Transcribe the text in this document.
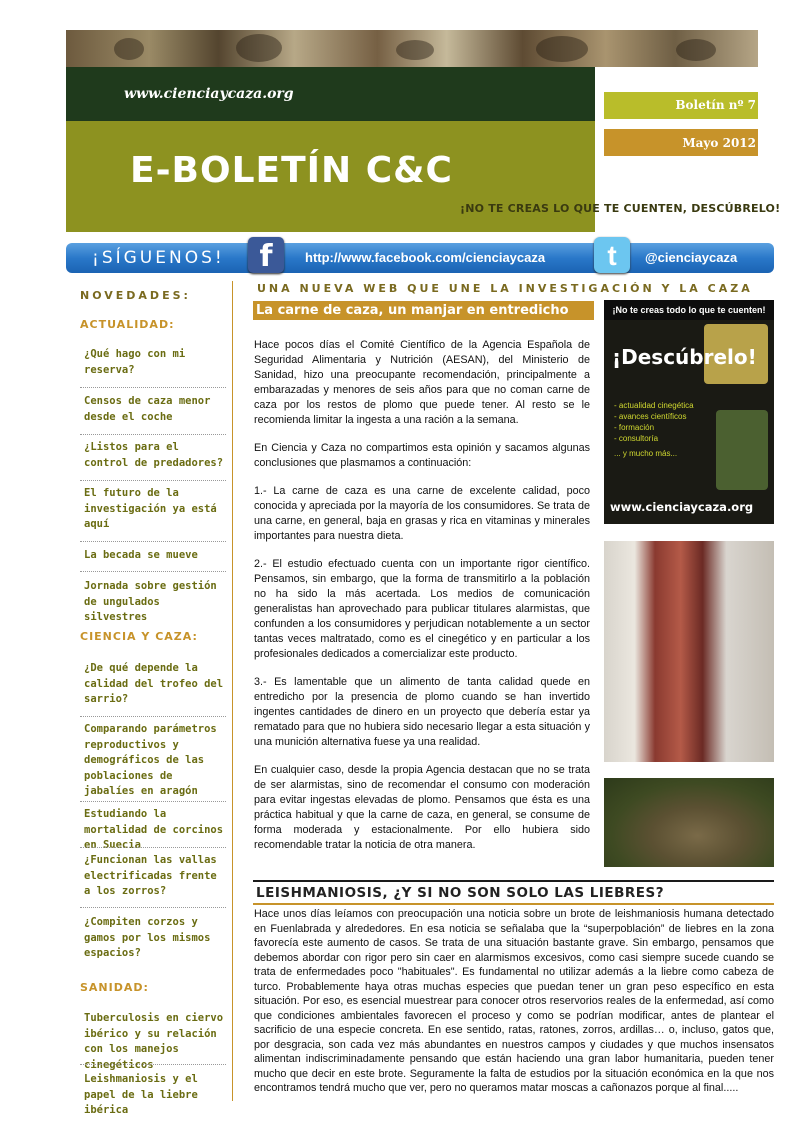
www.cienciaycaza.org
E-BOLETÍN C&C
Boletín nº 7
Mayo 2012
¡NO TE CREAS LO QUE TE CUENTEN, DESCÚBRELO!
¡SÍGUENOS!	f	http://www.facebook.com/cienciaycaza	t	@cienciaycaza
NOVEDADES:
ACTUALIDAD:
¿Qué hago con mi reserva?
Censos de caza menor desde el coche
¿Listos para el control de predadores?
El futuro de la investigación ya está aquí
La becada se mueve
Jornada sobre gestión de ungulados silvestres
CIENCIA Y CAZA:
¿De qué depende la calidad del trofeo del sarrio?
Comparando parámetros reproductivos y demográficos de las poblaciones de jabalíes en aragón
Estudiando la mortalidad de corcinos en Suecia
¿Funcionan las vallas electrificadas frente a los zorros?
¿Compiten corzos y gamos por los mismos espacios?
SANIDAD:
Tuberculosis en ciervo ibérico y su relación con los manejos cinegéticos
Leishmaniosis y el papel de la liebre ibérica
UNA NUEVA WEB QUE UNE LA INVESTIGACIÓN Y LA CAZA
La carne de caza, un manjar en entredicho

Hace pocos días el Comité Científico de la Agencia Española de Seguridad Alimentaria y Nutrición (AESAN), del Ministerio de Sanidad, hizo una preocupante recomendación, principalmente a embarazadas y menores de seis años para que no coman carne de caza por los restos de plomo que puede tener. Al resto se le recomienda limitar la ingesta a una ración a la semana.

En Ciencia y Caza no compartimos esta opinión y sacamos algunas conclusiones que plasmamos a continuación:

1.- La carne de caza es una carne de excelente calidad, poco conocida y apreciada por la mayoría de los consumidores. Se trata de una carne, en general, baja en grasas y rica en vitaminas y minerales importantes para nuestra dieta.

2.- El estudio efectuado cuenta con un importante rigor científico. Pensamos, sin embargo, que la forma de transmitirlo a la población no ha sido la más acertada. Los medios de comunicación generalistas han aprovechado para publicar titulares alarmistas, que confunden a los consumidores y perjudican notablemente a un sector tantas veces maltratado, como es el cinegético y en particular a los profesionales dedicados a comercializar este producto.

3.- Es lamentable que un alimento de tanta calidad quede en entredicho por la presencia de plomo cuando se han invertido ingentes cantidades de dinero en un proyecto que debería estar ya rematado para que no hubiera sido necesario llegar a esta situación y una munición alternativa fuese ya una realidad.

En cualquier caso, desde la propia Agencia destacan que no se trata de ser alarmistas, sino de recomendar el consumo con moderación para evitar ingestas elevadas de plomo. Pensamos que ésta es una práctica habitual y que la carne de caza, en general, se consume de forma moderada y estacionalmente. Por ello hubiera sido recomendable tratar la noticia de otra manera.

¡No te creas todo lo que te cuenten!
¡Descúbrelo!
- actualidad cinegética
- avances científicos
- formación
- consultoría
... y mucho más...
www.cienciaycaza.org
LEISHMANIOSIS, ¿Y SI NO SON SOLO LAS LIEBRES?
Hace unos días leíamos con preocupación una noticia sobre un brote de leishmaniosis humana detectado en Fuenlabrada y alrededores. En esa noticia se señalaba que la “superpoblación” de liebres en la zona favorecía este aumento de casos. Se trata de una situación bastante grave. Sin embargo, pensamos que debemos abordar con rigor pero sin caer en alarmismos excesivos, como casi siempre sucede cuando se trata de enfermedades poco "habituales". Es fundamental no utilizar además a la liebre como cabeza de turco. Probablemente haya otras muchas especies que puedan tener un gran peso específico en esta situación. Por eso, es esencial muestrear para conocer otros reservorios reales de la enfermedad, así como que condiciones ambientales favorecen el proceso y como se podrían modificar, antes de plantear el sacrificio de una especie concreta. En ese sentido, ratas, ratones, zorros, ardillas… o, incluso, gatos que, por desgracia, son cada vez más abundantes en nuestros campos y ciudades y que muchos insensatos alimentan indiscriminadamente pensando que están haciendo una gran labor humanitaria, pueden tener mucho que decir en este brote. Seguramente la falta de estudios por la situación económica en la que nos encontramos tendrá mucho que ver, pero no queramos matar moscas a cañonazos porque al final.....
